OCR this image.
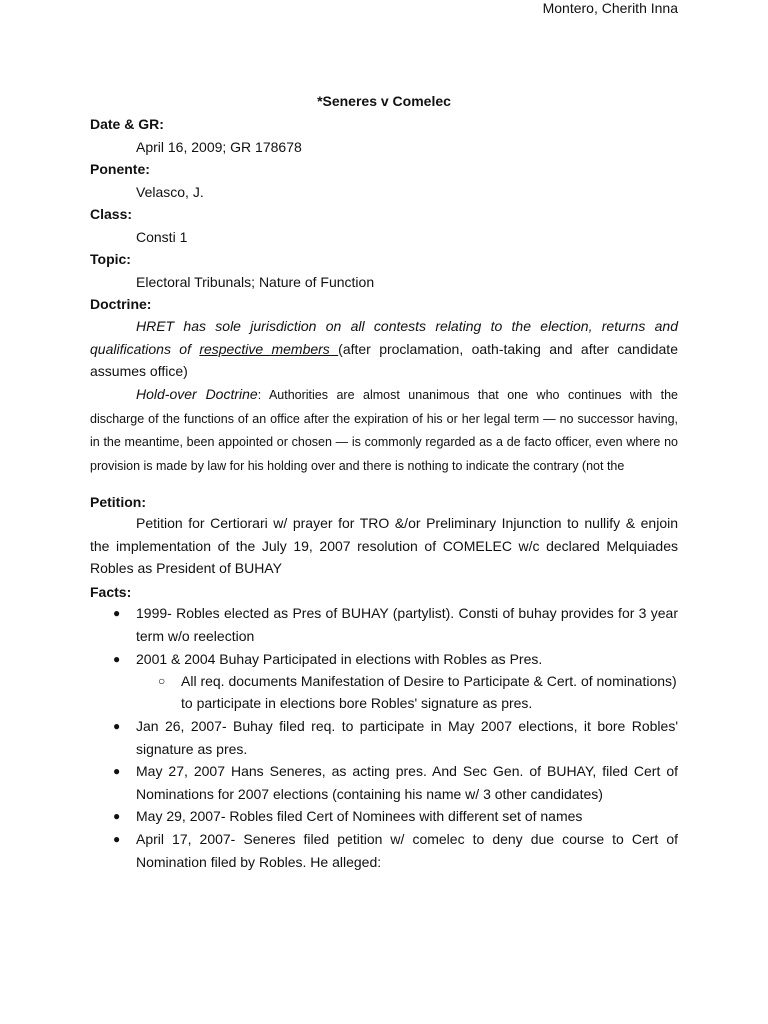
Montero, Cherith Inna
*Seneres v Comelec
Date & GR:
April 16, 2009; GR 178678
Ponente:
Velasco, J.
Class:
Consti 1
Topic:
Electoral Tribunals; Nature of Function
Doctrine:
HRET has sole jurisdiction on all contests relating to the election, returns and qualifications of respective members (after proclamation, oath-taking and after candidate assumes office)
Hold-over Doctrine: Authorities are almost unanimous that one who continues with the discharge of the functions of an office after the expiration of his or her legal term — no successor having, in the meantime, been appointed or chosen — is commonly regarded as a de facto officer, even where no provision is made by law for his holding over and there is nothing to indicate the contrary (not the
Petition:
Petition for Certiorari w/ prayer for TRO &/or Preliminary Injunction to nullify & enjoin the implementation of the July 19, 2007 resolution of COMELEC w/c declared Melquiades Robles as President of BUHAY
Facts:
● 1999- Robles elected as Pres of BUHAY (partylist). Consti of buhay provides for 3 year term w/o reelection
● 2001 & 2004 Buhay Participated in elections with Robles as Pres.
○ All req. documents Manifestation of Desire to Participate & Cert. of nominations)
to participate in elections bore Robles' signature as pres.
● Jan 26, 2007- Buhay filed req. to participate in May 2007 elections, it bore Robles' signature as pres.
● May 27, 2007 Hans Seneres, as acting pres. And Sec Gen. of BUHAY, filed Cert of Nominations for 2007 elections (containing his name w/ 3 other candidates)
● May 29, 2007- Robles filed Cert of Nominees with different set of names
● April 17, 2007- Seneres filed petition w/ comelec to deny due course to Cert of Nomination filed by Robles. He alleged:
